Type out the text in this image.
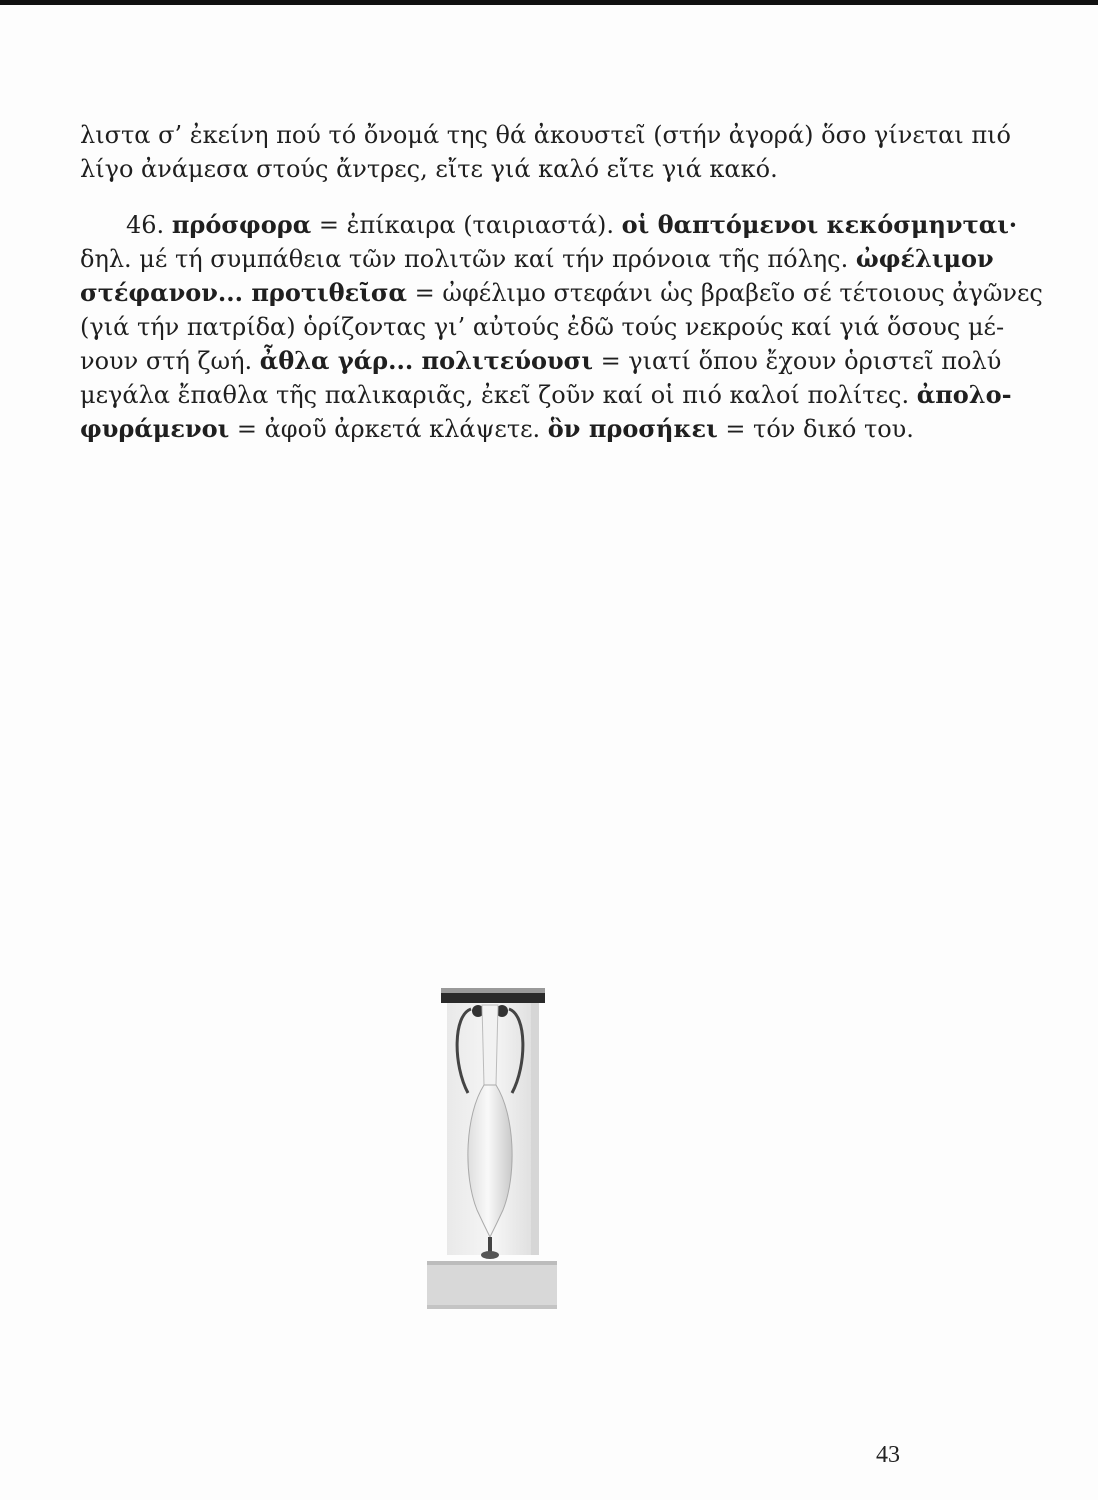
λιστα σ’ ἐκείνη πού τό ὄνομά της θά ἀκουστεῖ (στήν ἀγορά) ὅσο γίνεται πιό
λίγο ἀνάμεσα στούς ἄντρες, εἴτε γιά καλό εἴτε γιά κακό.
46. πρόσφορα = ἐπίκαιρα (ταιριαστά). οἱ θαπτόμενοι κεκόσμηνται·
δηλ. μέ τή συμπάθεια τῶν πολιτῶν καί τήν πρόνοια τῆς πόλης. ὠφέλιμον
στέφανον... προτιθεῖσα = ὠφέλιμο στεφάνι ὡς βραβεῖο σέ τέτοιους ἀγῶνες
(γιά τήν πατρίδα) ὁρίζοντας γι’ αὐτούς ἐδῶ τούς νεκρούς καί γιά ὅσους μέ-
νουν στή ζωή. ἆθλα γάρ... πολιτεύουσι = γιατί ὅπου ἔχουν ὁριστεῖ πολύ
μεγάλα ἔπαθλα τῆς παλικαριᾶς, ἐκεῖ ζοῦν καί οἱ πιό καλοί πολίτες. ἀπολο-
φυράμενοι = ἀφοῦ ἀρκετά κλάψετε. ὃν προσήκει = τόν δικό του.
43
